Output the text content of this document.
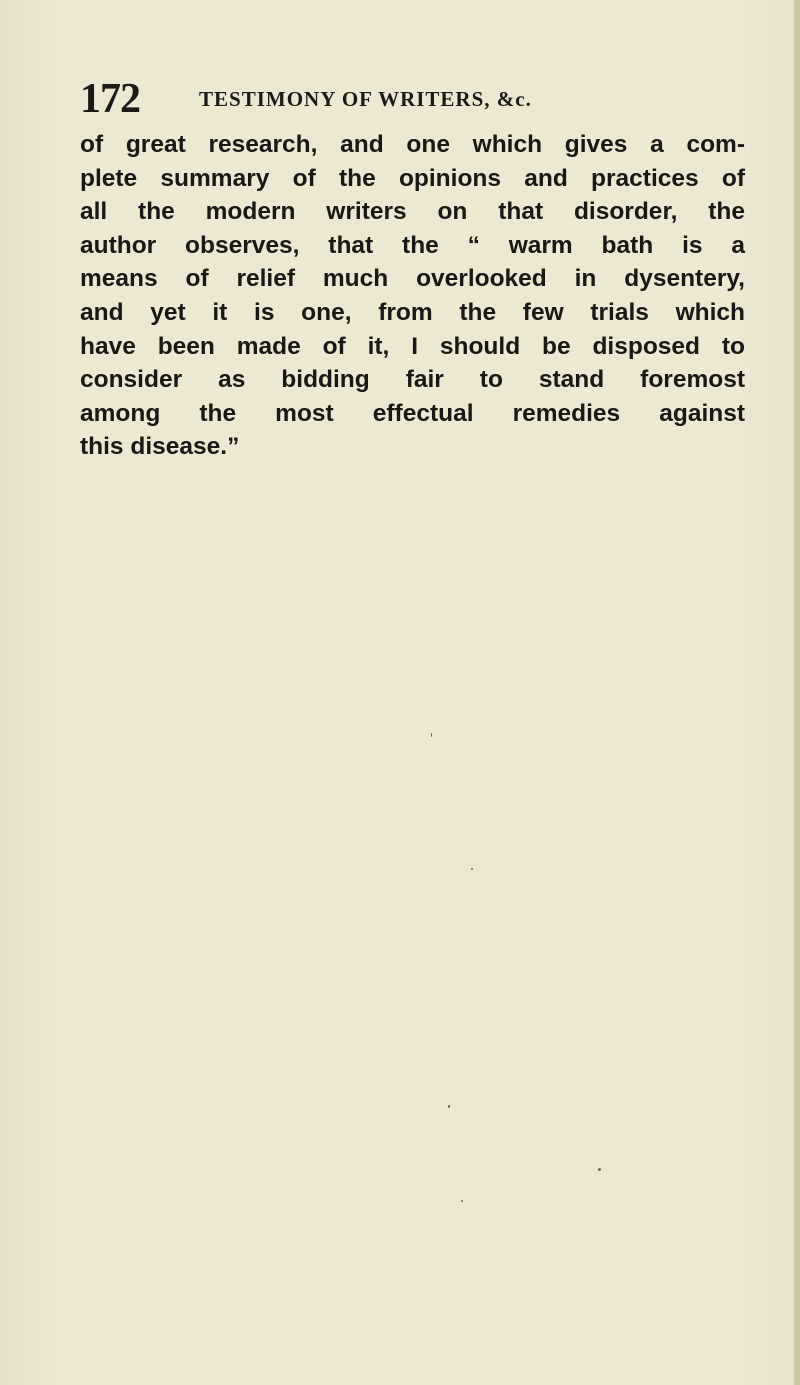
172	TESTIMONY OF WRITERS, &c.
of great research, and one which gives a com-
plete summary of the opinions and practices of
all the modern writers on that disorder, the
author observes, that the “ warm bath is a
means of relief much overlooked in dysentery,
and yet it is one, from the few trials which
have been made of it, I should be disposed to
consider as bidding fair to stand foremost
among the most effectual remedies against
this disease.”
